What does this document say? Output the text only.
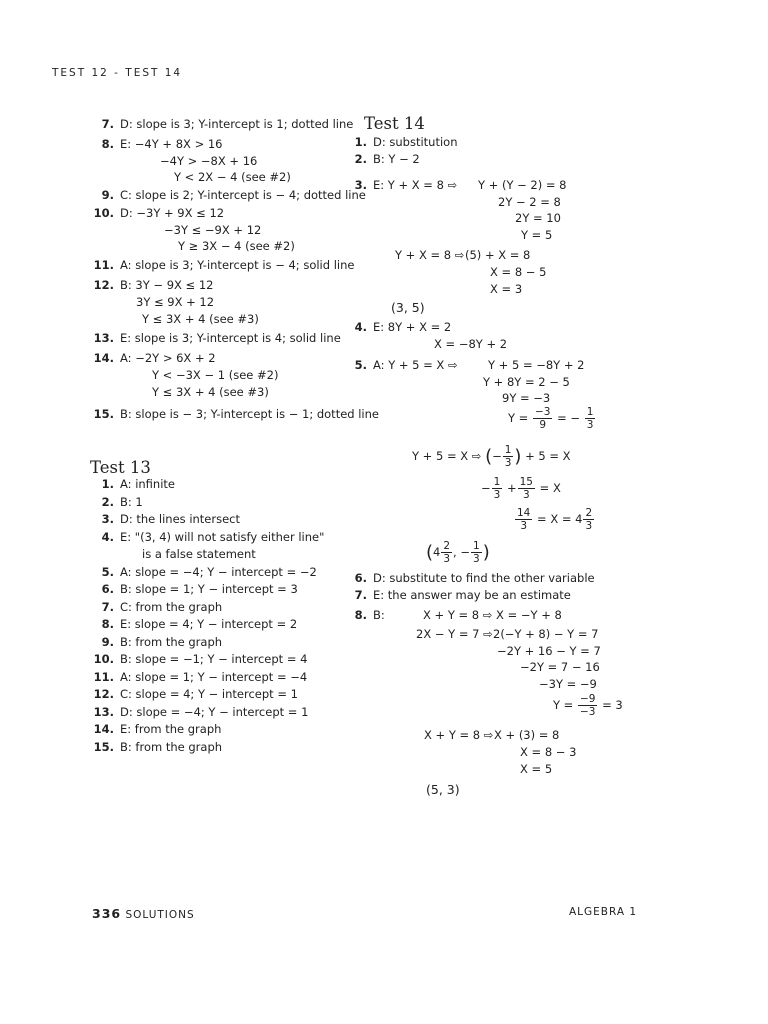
TEST 12 - TEST 14
7. D: slope is 3; Y-intercept is 1; dotted line
8. E: −4Y + 8X > 16
−4Y > −8X + 16
Y < 2X − 4 (see #2)
9. C: slope is 2; Y-intercept is − 4; dotted line
10. D: −3Y + 9X ≤ 12
−3Y ≤ −9X + 12
Y ≥ 3X − 4 (see #2)
11. A: slope is 3; Y-intercept is − 4; solid line
12. B: 3Y − 9X ≤ 12
3Y ≤ 9X + 12
Y ≤ 3X + 4 (see #3)
13. E: slope is 3; Y-intercept is 4; solid line
14. A: −2Y > 6X + 2
Y < −3X − 1 (see #2)
Y ≤ 3X + 4 (see #3)
15. B: slope is − 3; Y-intercept is − 1; dotted line
Test 13
1. A: infinite
2. B: 1
3. D: the lines intersect
4. E: "(3, 4) will not satisfy either line"
is a false statement
5. A: slope = −4; Y − intercept = −2
6. B: slope = 1; Y − intercept = 3
7. C: from the graph
8. E: slope = 4; Y − intercept = 2
9. B: from the graph
10. B: slope = −1; Y − intercept = 4
11. A: slope = 1; Y − intercept = −4
12. C: slope = 4; Y − intercept = 1
13. D: slope = −4; Y − intercept = 1
14. E: from the graph
15. B: from the graph
Test 14
1. D: substitution
2. B: Y − 2
3. E: Y + X = 8 ⇨ Y + (Y − 2) = 8
2Y − 2 = 8
2Y = 10
Y = 5
Y + X = 8 ⇨ (5) + X = 8
X = 8 − 5
X = 3
(3, 5)
4. E: 8Y + X = 2
X = −8Y + 2
5. A: Y + 5 = X ⇨	Y + 5 = −8Y + 2
Y + 8Y = 2 − 5
9Y = −3
$Y = \frac{-3}{9}$ = − $\frac{1}{3}$
Y + 5 = X ⇨ (− $\frac{1}{3}$ ) + 5 = X
− $\frac{1}{3} + \frac{15}{3} = X$
$\frac{14}{3} = X = 4 \frac{2}{3}$
($4 \frac{2}{3}$ , − $\frac{1}{3}$ )
6. D: substitute to find the other variable
7. E: the answer may be an estimate
8. B:	X + Y = 8 ⇨ X = −Y + 8
2X − Y = 7 ⇨ 2(−Y + 8) − Y = 7
−2Y + 16 − Y = 7
−2Y = 7 − 16
−3Y = −9
$Y = \frac{-9}{-3} = 3$
X + Y = 8 ⇨ X + (3) = 8
X = 8 − 3
X = 5
(5, 3)
336 SOLUTIONS	ALGEBRA 1
